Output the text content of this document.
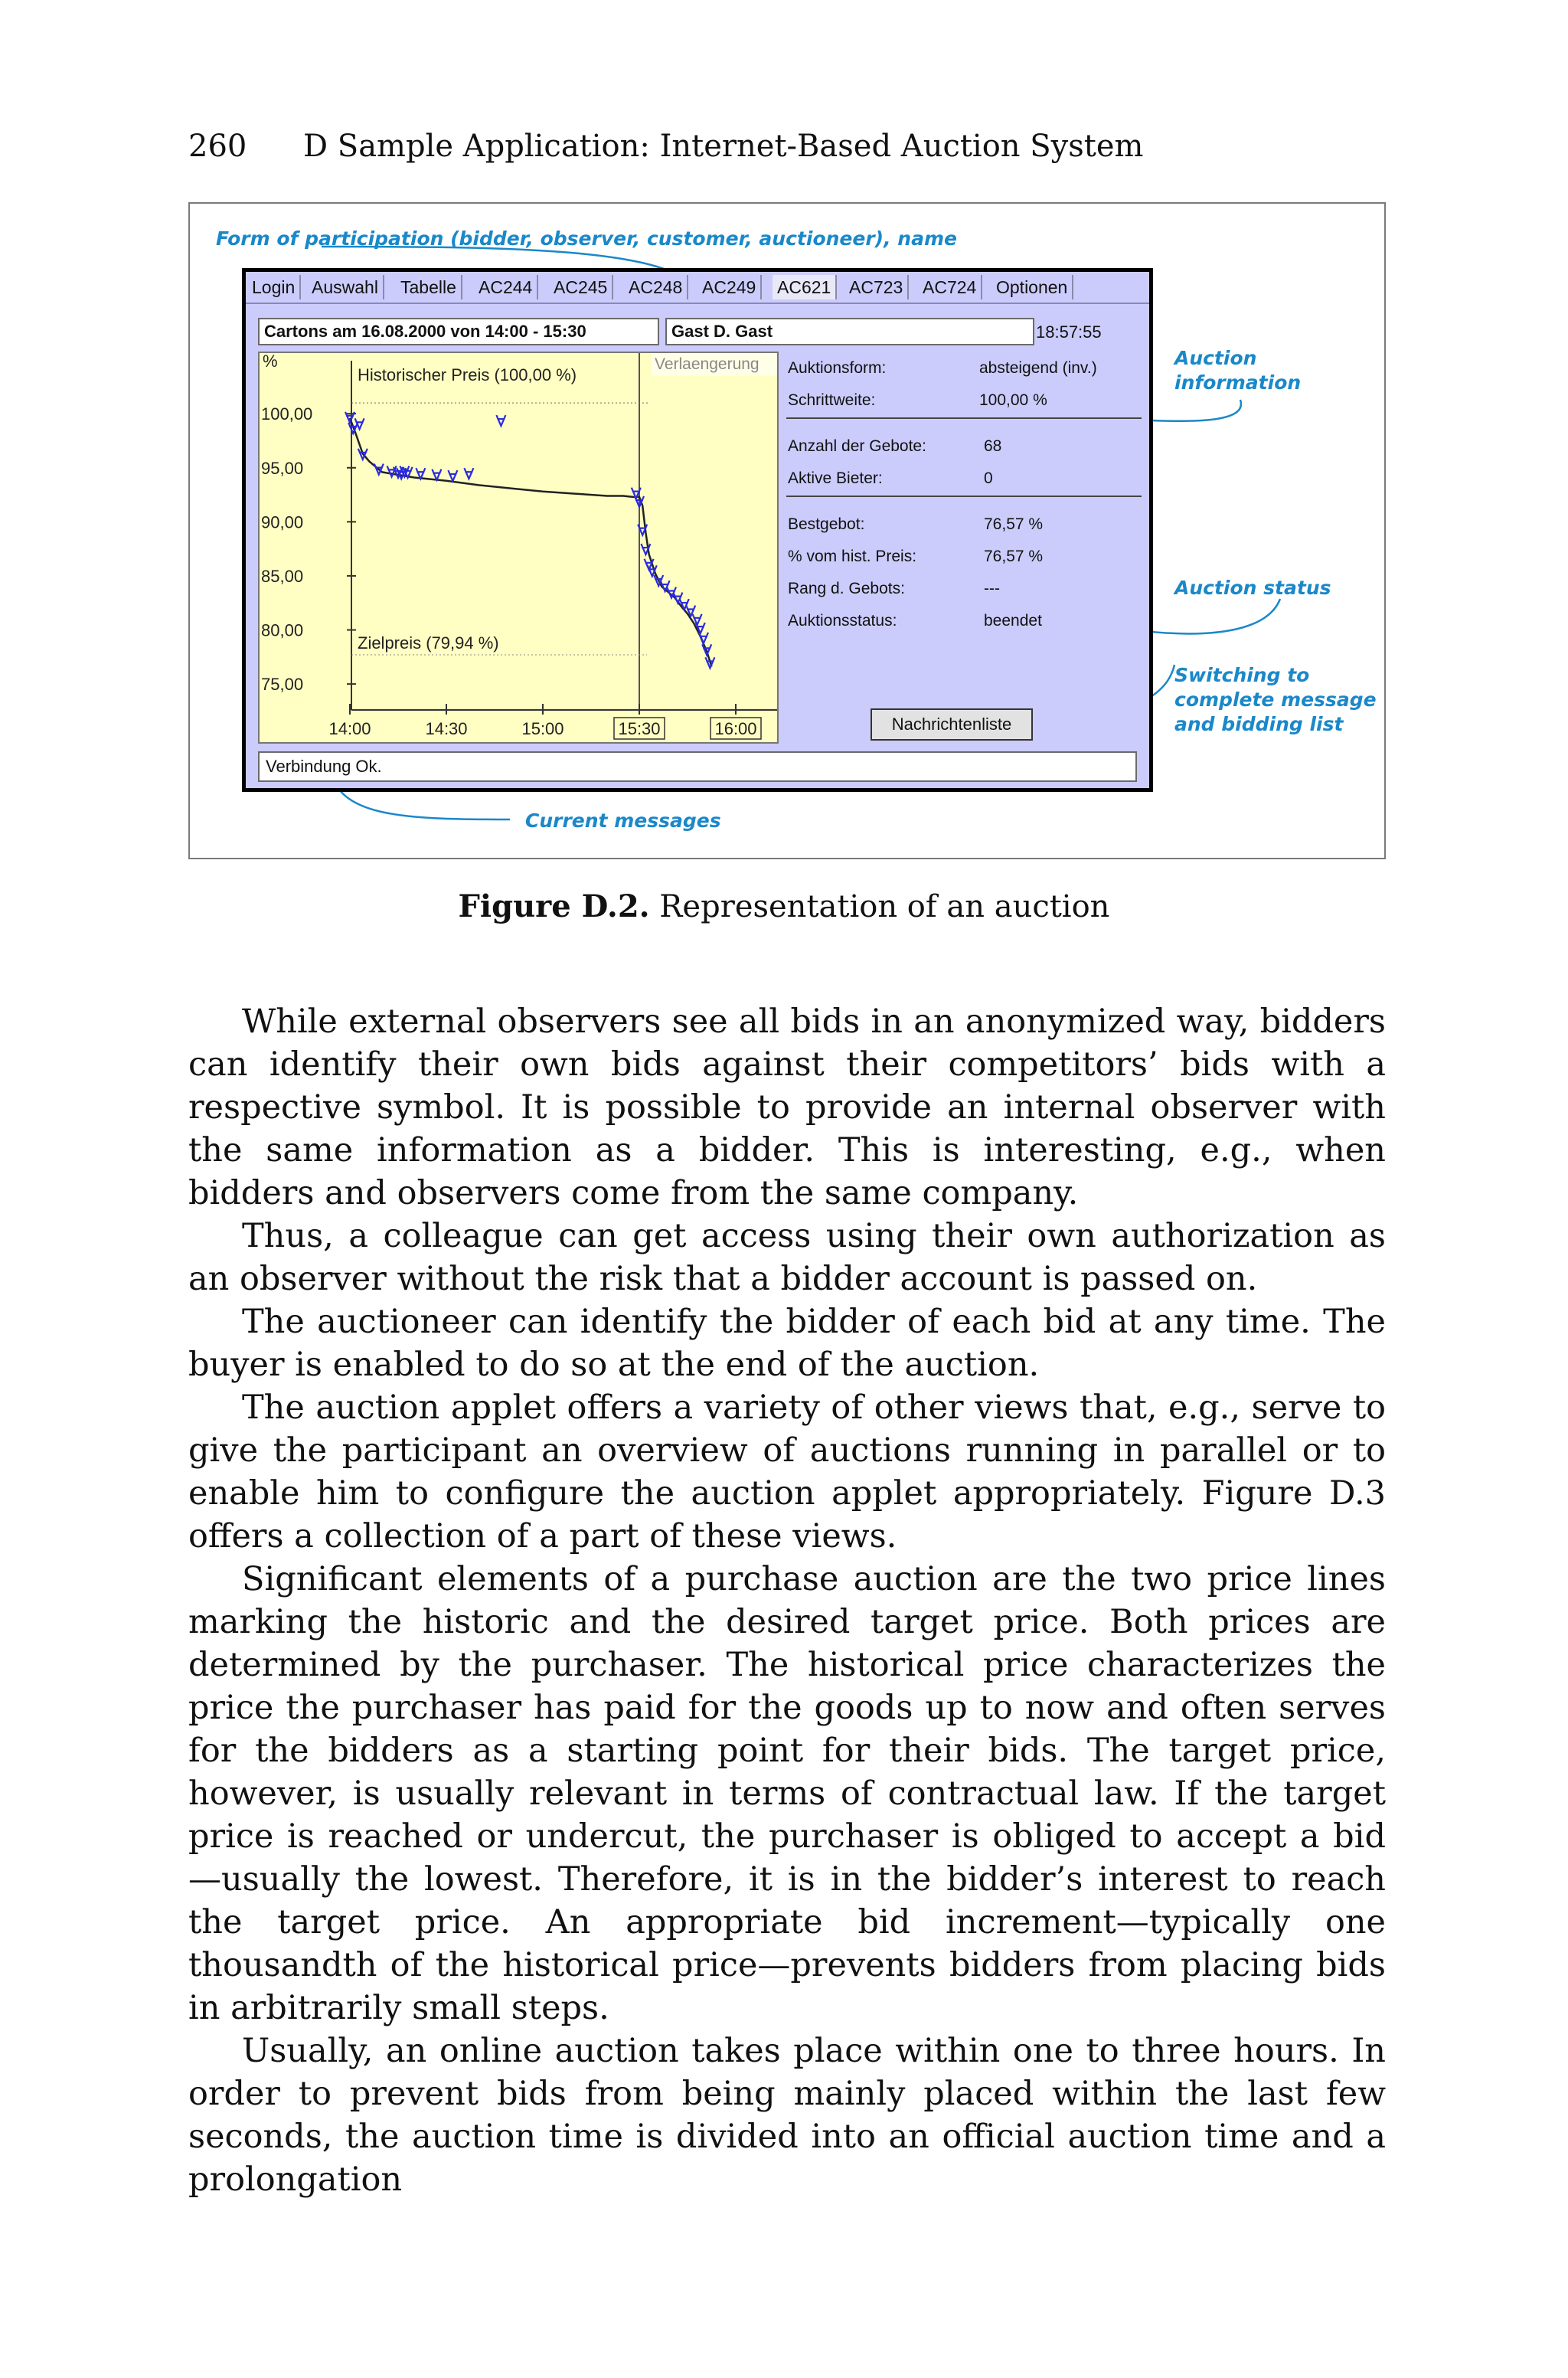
260 D Sample Application: Internet-Based Auction System
Form of participation (bidder, observer, customer, auctioneer), name
Auction
information
Auction status
Switching to
complete message
and bidding list
Current messages
Login Auswahl	Tabelle	AC244	AC245	AC248	AC249	AC621	AC723	AC724	Optionen
Cartons am 16.08.2000 von 14:00 - 15:30	Gast D. Gast	18:57:55
Verlaengerung
%
100,00
95,00
90,00
85,00
80,00
75,00
14:00	14:30	15:00	15:30	16:00
Historischer Preis (100,00 %)
Zielpreis (79,94 %)
Auktionsform:	absteigend (inv.)
Schrittweite:	100,00 %
Anzahl der Gebote:	68
Aktive Bieter:	0
Bestgebot:	76,57 %
% vom hist. Preis:	76,57 %
Rang d. Gebots:	---
Auktionsstatus:	beendet
Nachrichtenliste
Verbindung Ok.
Figure D.2. Representation of an auction

While external observers see all bids in an anonymized way, bidders can identify their own bids against their competitors’ bids with a respective symbol. It is possible to provide an internal observer with the same information as a bidder. This is interesting, e.g., when bidders and observers come from the same company.

Thus, a colleague can get access using their own authorization as an observer without the risk that a bidder account is passed on.

The auctioneer can identify the bidder of each bid at any time. The buyer is enabled to do so at the end of the auction.

The auction applet offers a variety of other views that, e.g., serve to give the participant an overview of auctions running in parallel or to enable him to configure the auction applet appropriately. Figure D.3 offers a collection of a part of these views.

Significant elements of a purchase auction are the two price lines marking the historic and the desired target price. Both prices are determined by the purchaser. The historical price characterizes the price the purchaser has paid for the goods up to now and often serves for the bidders as a starting point for their bids. The target price, however, is usually relevant in terms of contractual law. If the target price is reached or undercut, the purchaser is obliged to accept a bid —usually the lowest. Therefore, it is in the bidder’s interest to reach the target price. An appropriate bid increment—typically one thousandth of the historical price—prevents bidders from placing bids in arbitrarily small steps.

Usually, an online auction takes place within one to three hours. In order to prevent bids from being mainly placed within the last few seconds, the auction time is divided into an official auction time and a prolongation
